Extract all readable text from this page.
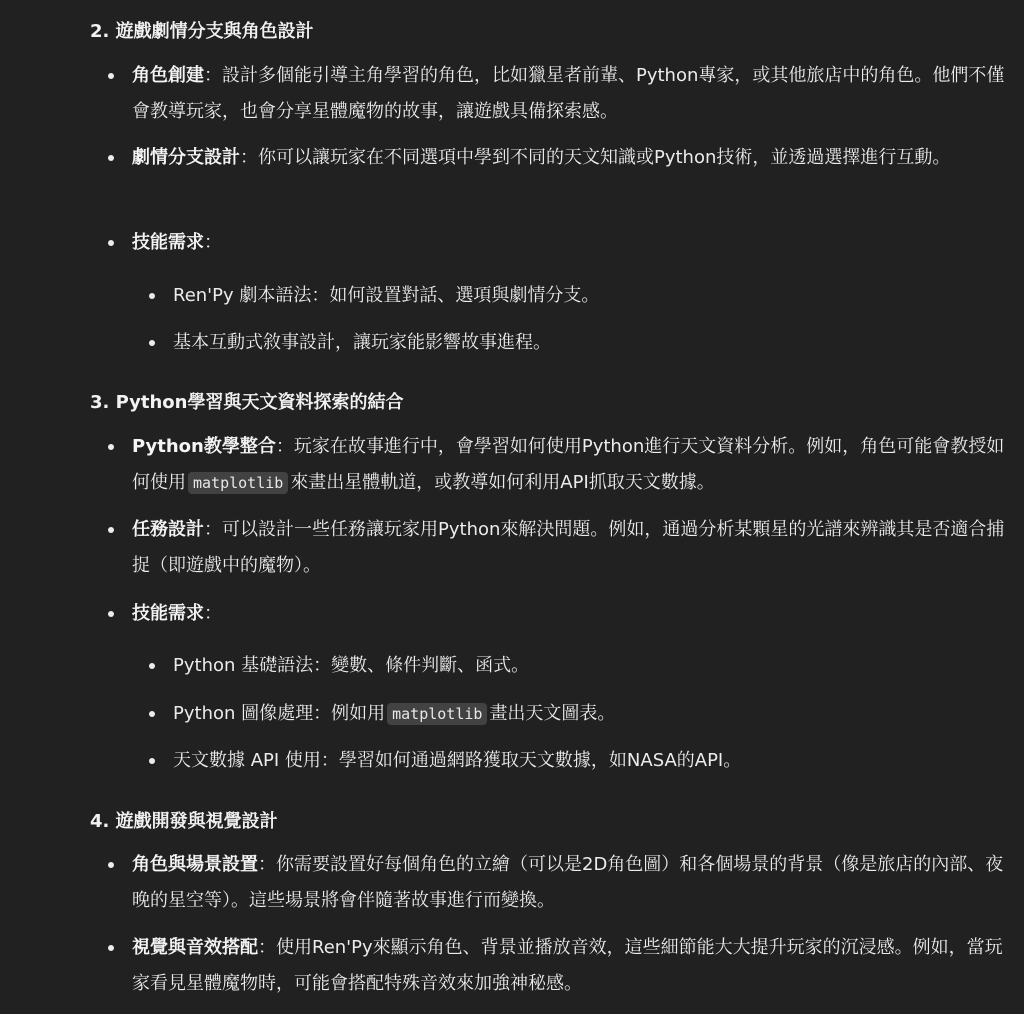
2. 遊戲劇情分支與角色設計

角色創建：設計多個能引導主角學習的角色，比如獵星者前輩、Python專家，或其他旅店中的角色。他們不僅會教導玩家，也會分享星體魔物的故事，讓遊戲具備探索感。

劇情分支設計：你可以讓玩家在不同選項中學到不同的天文知識或Python技術，並透過選擇進行互動。

技能需求：

Ren'Py 劇本語法：如何設置對話、選項與劇情分支。

基本互動式敘事設計，讓玩家能影響故事進程。

3. Python學習與天文資料探索的結合

Python教學整合：玩家在故事進行中，會學習如何使用Python進行天文資料分析。例如，角色可能會教授如何使用 matplotlib 來畫出星體軌道，或教導如何利用API抓取天文數據。

任務設計：可以設計一些任務讓玩家用Python來解決問題。例如，通過分析某顆星的光譜來辨識其是否適合捕捉（即遊戲中的魔物）。

技能需求：

Python 基礎語法：變數、條件判斷、函式。

Python 圖像處理：例如用 matplotlib 畫出天文圖表。

天文數據 API 使用：學習如何通過網路獲取天文數據，如NASA的API。

4. 遊戲開發與視覺設計

角色與場景設置：你需要設置好每個角色的立繪（可以是2D角色圖）和各個場景的背景（像是旅店的內部、夜晚的星空等）。這些場景將會伴隨著故事進行而變換。

視覺與音效搭配：使用Ren'Py來顯示角色、背景並播放音效，這些細節能大大提升玩家的沉浸感。例如，當玩家看見星體魔物時，可能會搭配特殊音效來加強神秘感。
